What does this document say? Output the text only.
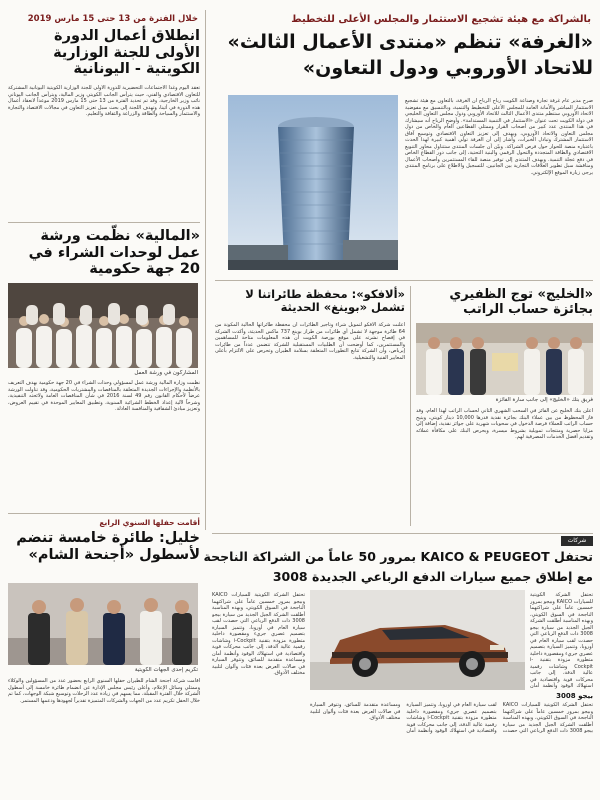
خلال الفترة من 13 حتى 15 مارس 2019
انطلاق أعمال الدورة الأولى للجنة الوزارية الكويتية - اليونانية
تعقد اليوم وغداً الاجتماعات التحضيرية للدورة الأولى للجنة الوزارية الكويتية اليونانية المشتركة للتعاون الاقتصادي والفني، حيث يترأس الجانب الكويتي وزير المالية، ويترأس الجانب اليوناني نائب وزير الخارجية، وقد تم تحديد الفترة من 13 حتى 15 مارس 2019 موعداً لانعقاد أعمال هذه الدورة في أثينا، وتهدف اللجنة إلى بحث سبل تعزيز التعاون في مجالات الاقتصاد والتجارة والاستثمار والسياحة والطاقة والزراعة والثقافة والتعليم.
«المالية» نظّمت ورشة عمل لوحدات الشراء في 20 جهة حكومية
المشاركون في ورشة العمل
نظمت وزارة المالية ورشة عمل لمسؤولي وحدات الشراء في 20 جهة حكومية بهدف التعريف بالأنظمة والإجراءات الجديدة المتعلقة بالمناقصات والمشتريات الحكومية، وقد تناولت الورشة عرضاً لأحكام القانون رقم 49 لسنة 2016 في شأن المناقصات العامة ولائحته التنفيذية، وشرحاً لآلية إعداد الخطط الشرائية السنوية، وتطبيق المعايير الموحدة في تقييم العروض، وتعزيز مبادئ الشفافية والمنافسة العادلة.
أقامت حفلها السنوي الرابع
خليل: طائرة خامسة تنضم لأسطول «أجنحة الشام»
تكريم إحدى الجهات الكويتية
أقامت شركة أجنحة الشام للطيران حفلها السنوي الرابع بحضور عدد من المسؤولين والوكلاء وممثلي وسائل الإعلام، وأعلن رئيس مجلس الإدارة عن انضمام طائرة خامسة إلى أسطول الشركة خلال الفترة المقبلة، مما يسهم في زيادة عدد الرحلات وتوسيع شبكة الوجهات، كما تم خلال الحفل تكريم عدد من الجهات والشركات المتميزة تقديراً لجهودها ودعمها المستمر.
بالشراكة مع هيئة تشجيع الاستثمار والمجلس الأعلى للتخطيط
«الغرفة» تنظم «منتدى الأعمال الثالث»
للاتحاد الأوروبي ودول التعاون»
صرح مدير عام غرفة تجارة وصناعة الكويت رباح الرباح أن الغرفة، بالتعاون مع هيئة تشجيع الاستثمار المباشر والأمانة العامة للمجلس الأعلى للتخطيط والتنمية، وبالتنسيق مع مفوضية الاتحاد الأوروبي ستنظم منتدى الأعمال الثالث للاتحاد الأوروبي ودول مجلس التعاون الخليجي في دولة الكويت تحت عنوان «الاستثمار في التنمية المستدامة». وأوضح الرباح أنه سيشارك في هذا المنتدى عدد كبير من أصحاب القرار وممثلي القطاعين العام والخاص من دول مجلس التعاون والاتحاد الأوروبي، ويهدف إلى تعزيز التعاون الاقتصادي وتوسيع آفاق الاستثمار المشترك وتبادل الخبرات، وأشار إلى أن الغرفة تولي أهمية كبيرة لهذا الحدث باعتباره منصة للحوار حول فرص الشراكة. وبيّن أن جلسات المنتدى ستتناول محاور التنويع الاقتصادي والطاقة المتجددة والتحول الرقمي والبنية التحتية، إلى جانب دور القطاع الخاص في دفع عجلة التنمية. ويهدف المنتدى إلى توفير منصة للقاء المستثمرين وأصحاب الأعمال ومناقشة سبل تطوير العلاقات التجارية بين الجانبين. للتسجيل والاطلاع على برنامج المنتدى يرجى زيارة الموقع الإلكتروني.
«ألافكو»: محفظة طائراتنا لا تشمل «بوينغ» الحديثة
أعلنت شركة ألافكو لتمويل شراء وتأجير الطائرات أن محفظة طائراتها الحالية المكونة من 64 طائرة موجهة لا تشمل أي طائرات من طراز بوينغ 737 ماكس الحديثة، وأكدت الشركة في إفصاح نشرته على موقع بورصة الكويت أن هذه المعلومات متاحة للمساهمين والمستثمرين، كما أوضحت أن الطلبيات المستقبلية للشركة تتضمن عدداً من طائرات إيرباص، وأن الشركة تتابع التطورات المتعلقة بسلامة الطيران وتحرص على الالتزام بأعلى المعايير الفنية والتشغيلية.
«الخليج» توج الظفيري بجائزة حساب الراتب
فريق بنك «الخليج» إلى جانب سارة الفائزة
أعلن بنك الخليج عن الفائز في السحب الشهري الثاني لحساب الراتب لهذا العام، وقد فاز المحظوظ من بين عملاء البنك بجائزة نقدية قدرها 10,000 دينار كويتي، ويتيح حساب الراتب للعملاء فرصة الدخول في سحوبات شهرية على جوائز نقدية، إضافة إلى مزايا حصرية ومنتجات تمويلية بشروط ميسرة، ويحرص البنك على مكافأة عملائه وتقديم أفضل الخدمات المصرفية لهم.
شركات
تحتفل KAICO & PEUGEOT بمرور 50 عاماً من الشراكة الناجحة
مع إطلاق جميع سيارات الدفع الرباعي الجديدة 3008
بيجو 3008
تحتفل الشركة الكويتية للسيارات KAICO وبيجو بمرور خمسين عاماً على شراكتهما الناجحة في السوق الكويتي، وبهذه المناسبة أطلقت الشركة الجيل الجديد من سيارة بيجو 3008 ذات الدفع الرباعي التي حصدت لقب سيارة العام في أوروبا، وتتميز السيارة بتصميم عصري جريء ومقصورة داخلية متطورة مزودة بتقنية i-Cockpit وشاشات رقمية عالية الدقة، إلى جانب محركات قوية واقتصادية في استهلاك الوقود وأنظمة أمان
تحتفل الشركة الكويتية للسيارات KAICO وبيجو بمرور خمسين عاماً على شراكتهما الناجحة في السوق الكويتي، وبهذه المناسبة أطلقت الشركة الجيل الجديد من سيارة بيجو 3008 ذات الدفع الرباعي التي حصدت لقب سيارة العام في أوروبا، وتتميز السيارة بتصميم عصري جريء ومقصورة داخلية متطورة مزودة بتقنية i-Cockpit وشاشات رقمية عالية الدقة، إلى جانب محركات قوية واقتصادية في استهلاك الوقود وأنظمة أمان ومساعدة متقدمة للسائق، وتتوفر السيارة في صالات العرض بعدة فئات وألوان لتلبية مختلف الأذواق.
تحتفل الشركة الكويتية للسيارات KAICO وبيجو بمرور خمسين عاماً على شراكتهما الناجحة في السوق الكويتي، وبهذه المناسبة أطلقت الشركة الجيل الجديد من سيارة بيجو 3008 ذات الدفع الرباعي التي حصدت لقب سيارة العام في أوروبا، وتتميز السيارة بتصميم عصري جريء ومقصورة داخلية متطورة مزودة بتقنية i-Cockpit وشاشات رقمية عالية الدقة، إلى جانب محركات قوية واقتصادية في استهلاك الوقود وأنظمة أمان ومساعدة متقدمة للسائق، وتتوفر السيارة في صالات العرض بعدة فئات وألوان لتلبية مختلف الأذواق.
